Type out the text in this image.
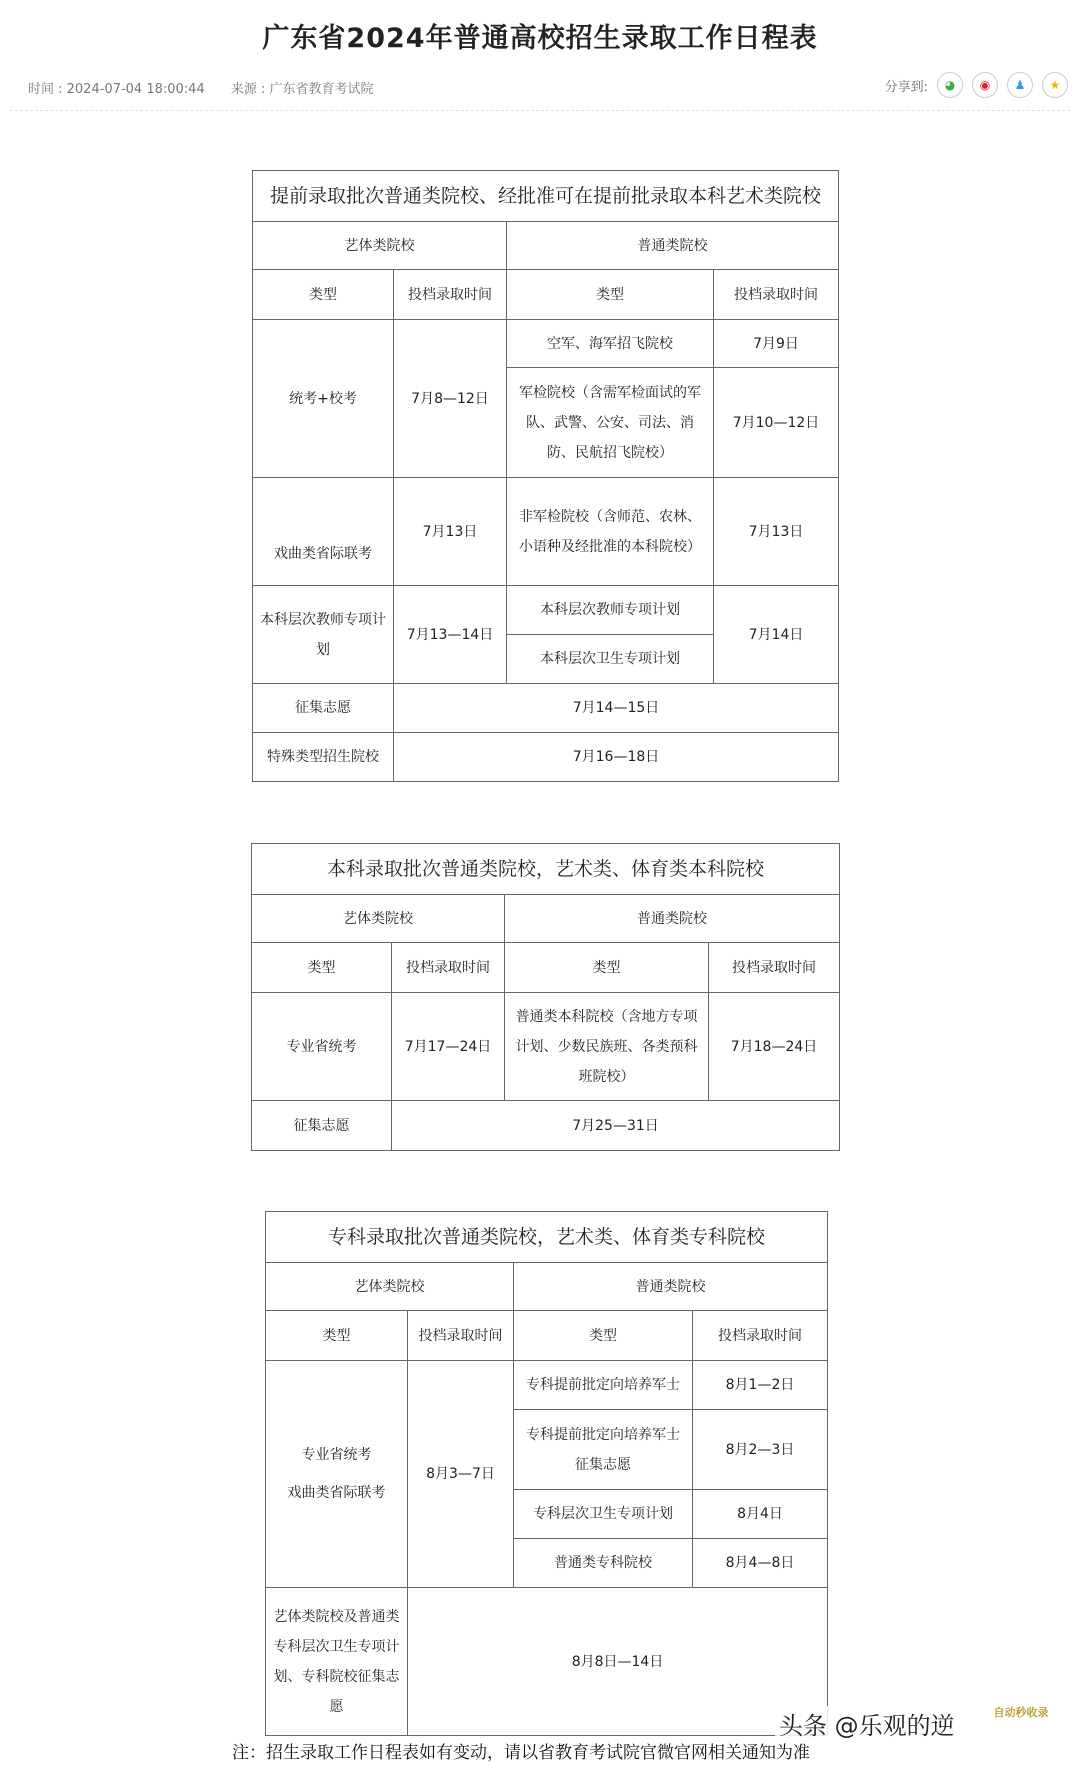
广东省2024年普通高校招生录取工作日程表
时间 : 2024-07-04 18:00:44 来源 : 广东省教育考试院	分享到: ◕ ◉ ♟ ★
提前录取批次普通类院校、经批准可在提前批录取本科艺术类院校			
艺体类院校		普通类院校	
类型	投档录取时间	类型	投档录取时间
统考+校考	7月8—12日	空军、海军招飞院校	7月9日
		军检院校（含需军检面试的军队、武警、公安、司法、消防、民航招飞院校）	7月10—12日
戏曲类省际联考	7月13日	非军检院校（含师范、农林、小语种及经批准的本科院校）	7月13日
本科层次教师专项计划	7月13—14日	本科层次教师专项计划	7月14日
		本科层次卫生专项计划	
征集志愿	7月14—15日		
特殊类型招生院校	7月16—18日		
本科录取批次普通类院校，艺术类、体育类本科院校			
艺体类院校		普通类院校	
类型	投档录取时间	类型	投档录取时间
专业省统考	7月17—24日	普通类本科院校（含地方专项计划、少数民族班、各类预科班院校）	7月18—24日
征集志愿	7月25—31日		
专科录取批次普通类院校，艺术类、体育类专科院校			
艺体类院校		普通类院校	
类型	投档录取时间	类型	投档录取时间

专业省统考
戏曲类省际联考	8月3—7日	专科提前批定向培养军士	8月1—2日
		专科提前批定向培养军士征集志愿	8月2—3日
		专科层次卫生专项计划	8月4日
		普通类专科院校	8月4—8日
艺体类院校及普通类专科层次卫生专项计划、专科院校征集志愿	8月8日—14日		
注：招生录取工作日程表如有变动，请以省教育考试院官微官网相关通知为准
头条 @乐观的逆	自动秒收录
